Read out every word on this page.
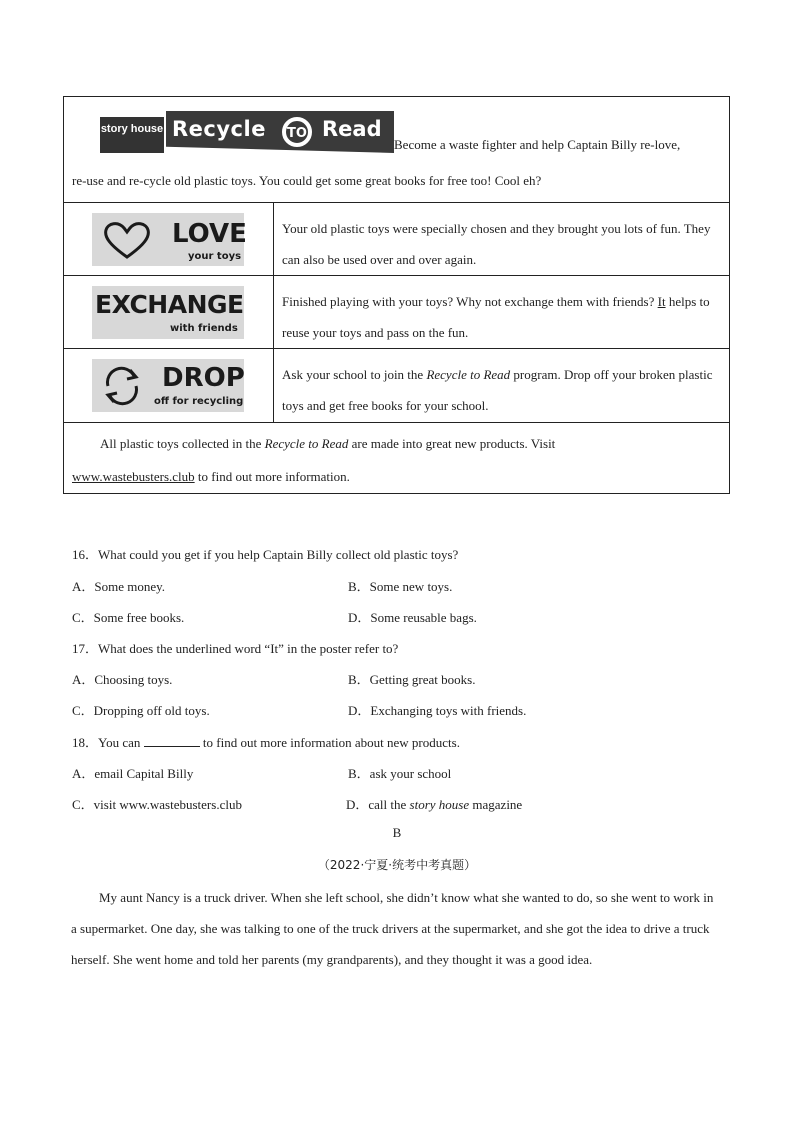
story house Recycle TO Read
Become a waste fighter and help Captain Billy re-love,
re-use and re-cycle old plastic toys. You could get some great books for free too! Cool eh?
LOVE
your toys
Your old plastic toys were specially chosen and they brought you lots of fun. They can also be used over and over again.
EXCHANGE
with friends
Finished playing with your toys? Why not exchange them with friends? It helps to reuse your toys and pass on the fun.
DROP
off for recycling
Ask your school to join the Recycle to Read program. Drop off your broken plastic toys and get free books for your school.
All plastic toys collected in the Recycle to Read are made into great new products. Visit
www.wastebusters.club to find out more information.
16．What could you get if you help Captain Billy collect old plastic toys?
A．Some money.	B．Some new toys.
C．Some free books.	D．Some reusable bags.
17．What does the underlined word “It” in the poster refer to?
A．Choosing toys.	B．Getting great books.
C．Dropping off old toys.	D．Exchanging toys with friends.
18．You can	to find out more information about new products.
A．email Capital Billy	B．ask your school
C．visit www.wastebusters.club	D．call the story house magazine
B
（2022·宁夏·统考中考真题）
My aunt Nancy is a truck driver. When she left school, she didn’t know what she wanted to do, so she went to work in a supermarket. One day, she was talking to one of the truck drivers at the supermarket, and she got the idea to drive a truck herself. She went home and told her parents (my grandparents), and they thought it was a good idea.
